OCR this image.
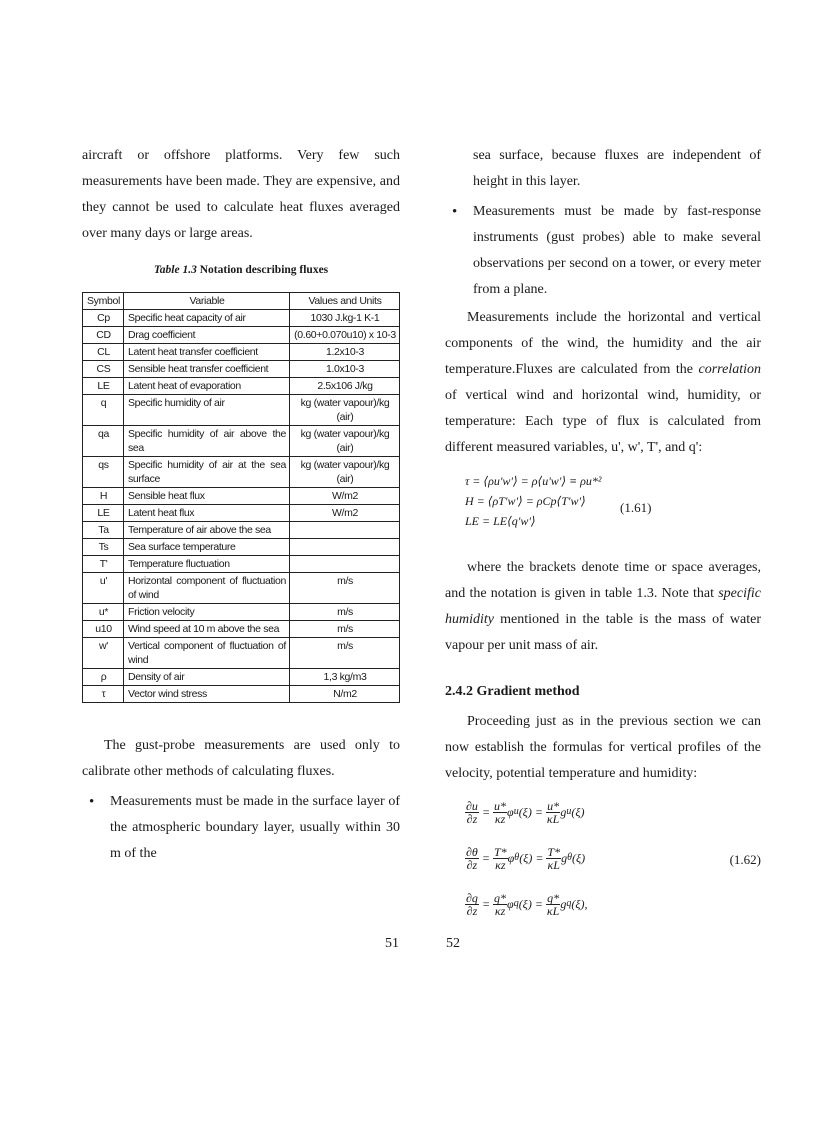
aircraft or offshore platforms. Very few such measurements have been made. They are expensive, and they cannot be used to calculate heat fluxes averaged over many days or large areas.

Table 1.3 Notation describing fluxes
Symbol	Variable	Values and Units
Cp	Specific heat capacity of air	1030 J.kg-1 K-1
CD	Drag coefficient	(0.60+0.070u10) x 10-3
CL	Latent heat transfer coefficient	1.2x10-3
CS	Sensible heat transfer coefficient	1.0x10-3
LE	Latent heat of evaporation	2.5x106 J/kg
q	Specific humidity of air	kg (water vapour)/kg (air)
qa	Specific humidity of air above the sea	kg (water vapour)/kg (air)
qs	Specific humidity of air at the sea surface	kg (water vapour)/kg (air)
H	Sensible heat flux	W/m2
LE	Latent heat flux	W/m2
Ta	Temperature of air above the sea	
Ts	Sea surface temperature	
T'	Temperature fluctuation	
u'	Horizontal component of fluctuation of wind	m/s
u*	Friction velocity	m/s
u10	Wind speed at 10 m above the sea	m/s
w'	Vertical component of fluctuation of wind	m/s
ρ	Density of air	1,3 kg/m3
τ	Vector wind stress	N/m2

The gust-probe measurements are used only to calibrate other methods of calculating fluxes.

• Measurements must be made in the surface layer of the atmospheric boundary layer, usually within 30 m of the

51

sea surface, because fluxes are independent of height in this layer.

• Measurements must be made by fast-response instruments (gust probes) able to make several observations per second on a tower, or every meter from a plane.

Measurements include the horizontal and vertical components of the wind, the humidity and the air temperature.Fluxes are calculated from the correlation of vertical wind and horizontal wind, humidity, or temperature: Each type of flux is calculated from different measured variables, u', w', T', and q':

τ = ⟨ρu'w'⟩ = ρ⟨u'w'⟩ ≡ ρu*²
H = ⟨ρT'w'⟩ = ρCp⟨T'w'⟩
LE = LE⟨q'w'⟩
(1.61)

where the brackets denote time or space averages, and the notation is given in table 1.3. Note that specific humidity mentioned in the table is the mass of water vapour per unit mass of air.

2.4.2 Gradient method

Proceeding just as in the previous section we can now establish the formulas for vertical profiles of the velocity, potential temperature and humidity:

$\frac{\partial u}{\partial z} = \frac{u*}{\kappa z}$ φ u $(\xi) = \frac{u*}{\kappa L}$ g u (ξ)
$\frac{\partial\theta}{\partial z} = \frac{T*}{\kappa z}$ φ θ $(\xi) = \frac{T*}{\kappa L}$ g θ (ξ)
$\frac{\partial q}{\partial z} = \frac{q*}{\kappa z}$ φ q $(\xi) = \frac{q*}{\kappa L}$ g q (ξ),
(1.62)
52
